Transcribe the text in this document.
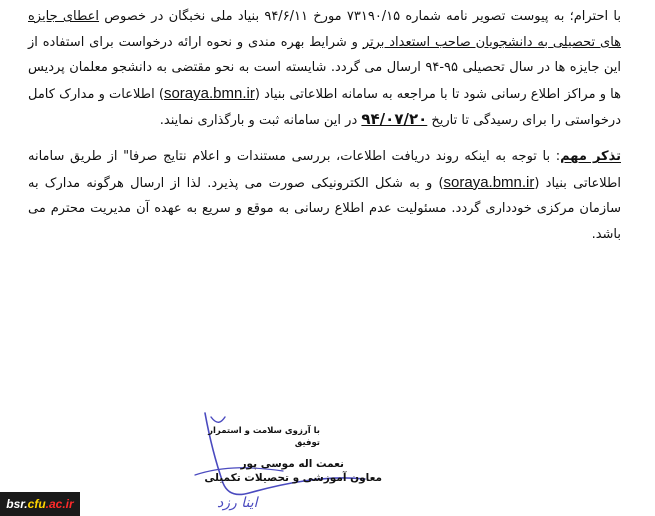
با احترام؛ به پیوست تصویر نامه شماره ۷۳۱۹۰/۱۵ مورخ ۹۴/۶/۱۱ بنیاد ملی نخبگان در خصوص اعطای جایزه های تحصیلی به دانشجویان صاحب استعداد برتر و شرایط بهره مندی و نحوه ارائه درخواست برای استفاده از این جایزه ها در سال تحصیلی ۹۵-۹۴ ارسال می گردد. شایسته است به نحو مقتضی به دانشجو معلمان پردیس ها و مراکز اطلاع رسانی شود تا با مراجعه به سامانه اطلاعاتی بنیاد (soraya.bmn.ir) اطلاعات و مدارک کامل درخواستی را برای رسیدگی تا تاریخ ۹۴/۰۷/۲۰ در این سامانه ثبت و بارگذاری نمایند.

تذکر مهم: با توجه به اینکه روند دریافت اطلاعات، بررسی مستندات و اعلام نتایج صرفا" از طریق سامانه اطلاعاتی بنیاد (soraya.bmn.ir) و به شکل الکترونیکی صورت می پذیرد. لذا از ارسال هرگونه مدارک به سازمان مرکزی خودداری گردد. مسئولیت عدم اطلاع رسانی به موقع و سریع به عهده آن مدیریت محترم می باشد.

با آرزوی سلامت و استمرار توفیق
نعمت اله موسی پور
معاون آموزشی و تحصیلات تکمیلی
اینا رزد
bsr.cfu.ac.ir
